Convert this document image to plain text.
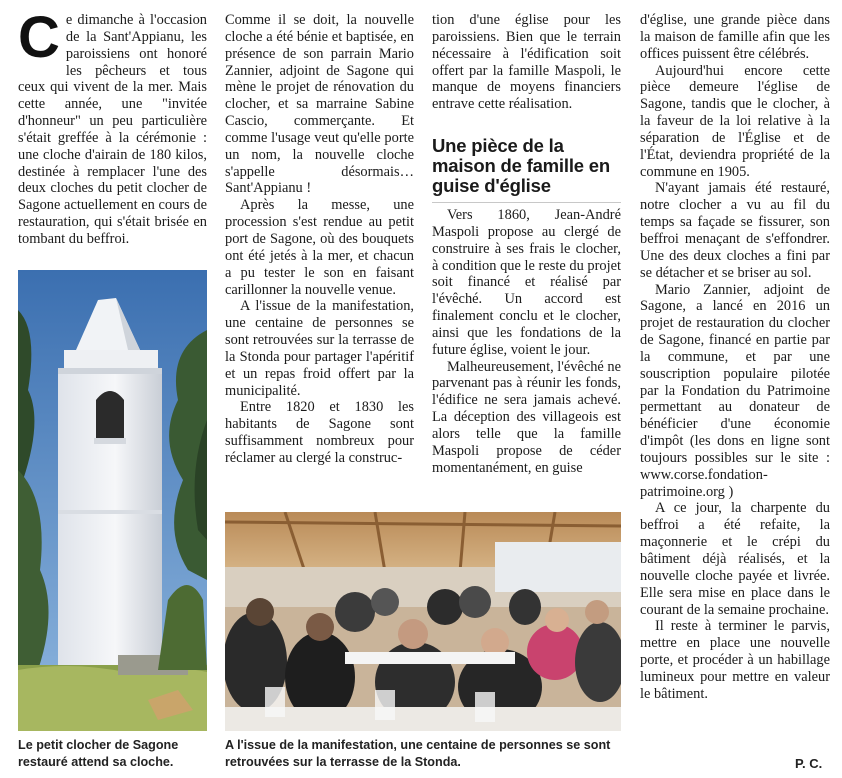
Ce dimanche à l'occasion de la Sant'Appianu, les paroissiens ont honoré les pêcheurs et tous ceux qui vivent de la mer. Mais cette année, une "invitée d'honneur" un peu particulière s'était greffée à la cérémonie : une cloche d'airain de 180 kilos, destinée à remplacer l'une des deux cloches du petit clocher de Sagone actuellement en cours de restauration, qui s'était brisée en tombant du beffroi.

Le petit clocher de Sagone restauré attend sa cloche.

Comme il se doit, la nouvelle cloche a été bénie et baptisée, en présence de son parrain Mario Zannier, adjoint de Sagone qui mène le projet de rénovation du clocher, et sa marraine Sabine Cascio, commerçante. Et comme l'usage veut qu'elle porte un nom, la nouvelle cloche s'appelle désormais… Sant'Appianu !

Après la messe, une procession s'est rendue au petit port de Sagone, où des bouquets ont été jetés à la mer, et chacun a pu tester le son en faisant carillonner la nouvelle venue.

A l'issue de la manifestation, une centaine de personnes se sont retrouvées sur la terrasse de la Stonda pour partager l'apéritif et un repas froid offert par la municipalité.

Entre 1820 et 1830 les habitants de Sagone sont suffisamment nombreux pour réclamer au clergé la construc-

tion d'une église pour les paroissiens. Bien que le terrain nécessaire à l'édification soit offert par la famille Maspoli, le manque de moyens financiers entrave cette réalisation.

Une pièce de la maison de famille en guise d'église

Vers 1860, Jean-André Maspoli propose au clergé de construire à ses frais le clocher, à condition que le reste du projet soit financé et réalisé par l'évêché. Un accord est finalement conclu et le clocher, ainsi que les fondations de la future église, voient le jour.

Malheureusement, l'évêché ne parvenant pas à réunir les fonds, l'édifice ne sera jamais achevé. La déception des villageois est alors telle que la famille Maspoli propose de céder momentanément, en guise

d'église, une grande pièce dans la maison de famille afin que les offices puissent être célébrés.

Aujourd'hui encore cette pièce demeure l'église de Sagone, tandis que le clocher, à la faveur de la loi relative à la séparation de l'Église et de l'État, deviendra propriété de la commune en 1905.

N'ayant jamais été restauré, notre clocher a vu au fil du temps sa façade se fissurer, son beffroi menaçant de s'effondrer. Une des deux cloches a fini par se détacher et se briser au sol.

Mario Zannier, adjoint de Sagone, a lancé en 2016 un projet de restauration du clocher de Sagone, financé en partie par la commune, et par une souscription populaire pilotée par la Fondation du Patrimoine permettant au donateur de bénéficier d'une économie d'impôt (les dons en ligne sont toujours possibles sur le site : www.corse.fondation-patrimoine.org )

A ce jour, la charpente du beffroi a été refaite, la maçonnerie et le crépi du bâtiment déjà réalisés, et la nouvelle cloche payée et livrée. Elle sera mise en place dans le courant de la semaine prochaine.

Il reste à terminer le parvis, mettre en place une nouvelle porte, et procéder à un habillage lumineux pour mettre en valeur le bâtiment.

P. C.
A l'issue de la manifestation, une centaine de personnes se sont retrouvées sur la terrasse de la Stonda.
